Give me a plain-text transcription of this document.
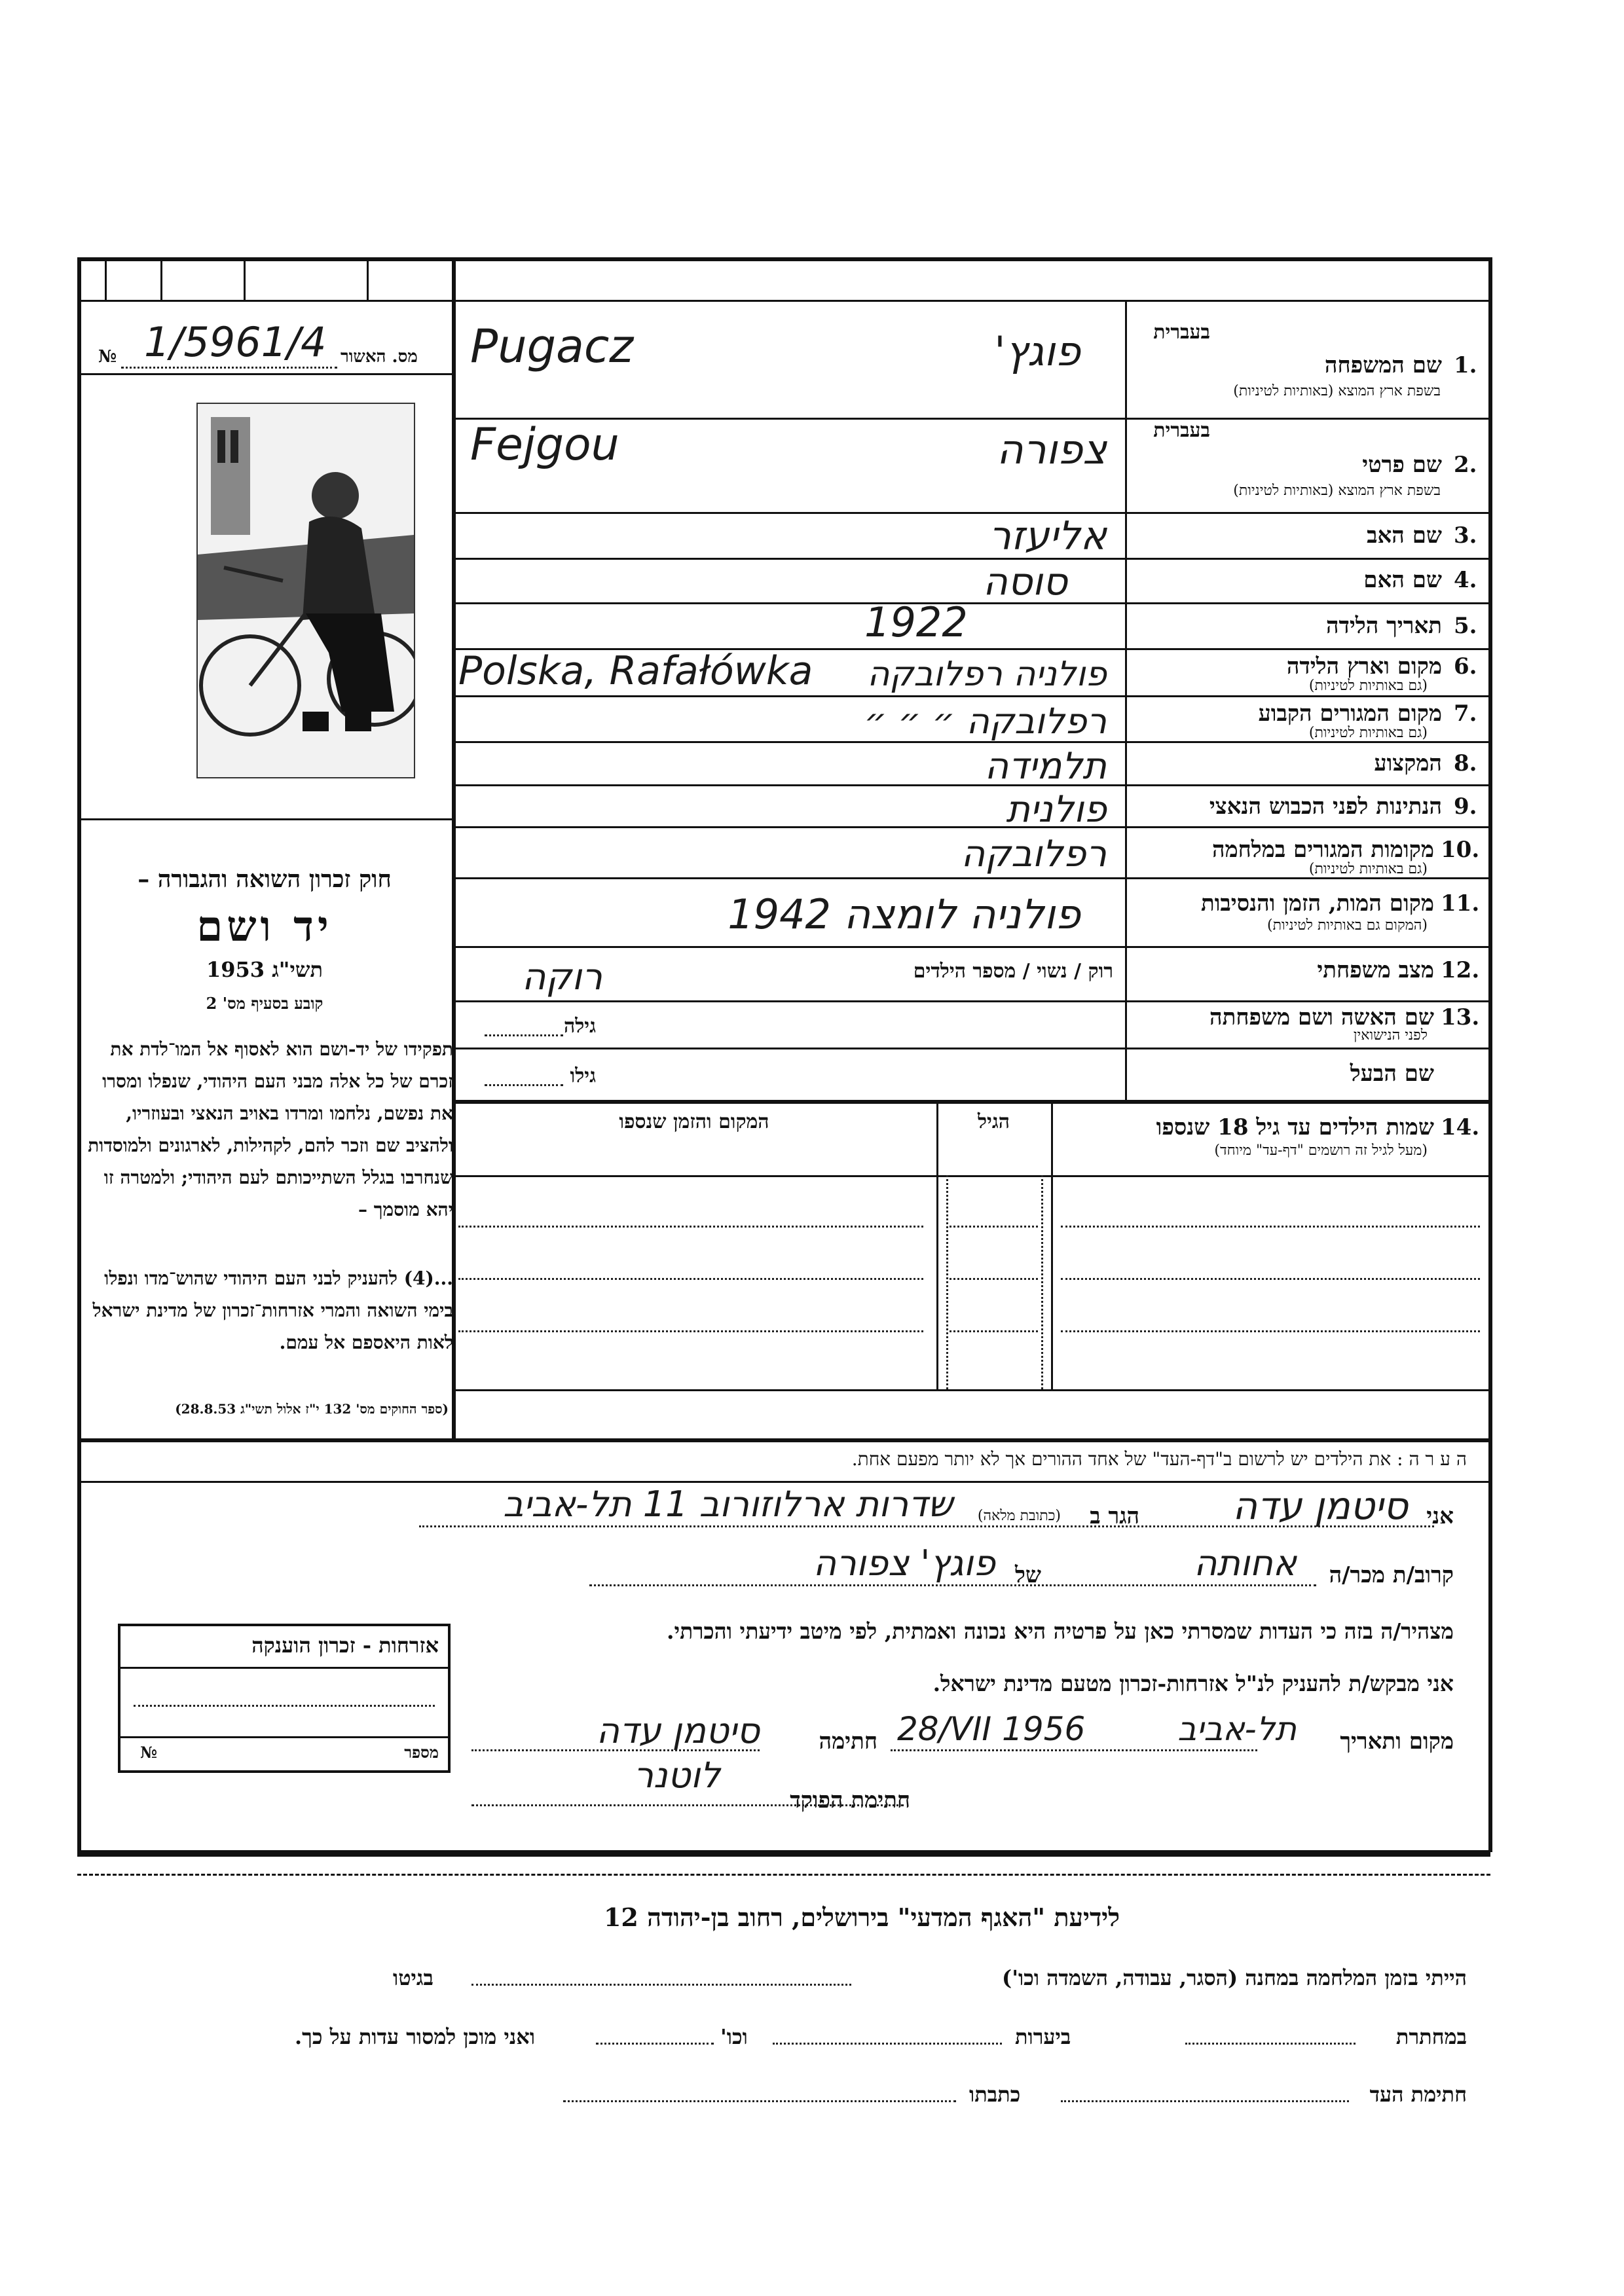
מס. האשור
№ 1/5961/4
חוק זכרון השואה והגבורה –
יד ושם
תשי"ג 1953
קובע בסעיף מס' 2
תפקידו של יד-ושם הוא לאסוף אל המו־לדת את זכרם של כל אלה מבני העם היהודי, שנפלו ומסרו את נפשם, נלחמו ומרדו באויב הנאצי ובעוזריו, ולהציב שם וזכר להם, לקהילות, לארגונים ולמוסדות שנחרבו בגלל השתייכותם לעם היהודי; ולמטרה זו יהא מוסמך –
...(4) להעניק לבני העם היהודי שהוש־מדו ונפלו בימי השואה והמרי אזרחות־זכרון של מדינת ישראל לאות היאספם אל עמם.
(ספר החוקים מס' 132 י"ז אלול תשי"ג 28.8.53)
בעברית
1.
שם המשפחה
בשפת ארץ המוצא (באותיות לטיניות)
בעברית
2.
שם פרטי
בשפת ארץ המוצא (באותיות לטיניות)
3.
שם האב
4.
שם האם
5.
תאריך הלידה
6.
מקום וארץ הלידה
(גם באותיות לטיניות)
7.
מקום המגורים הקבוע
(גם באותיות לטיניות)
8.
המקצוע
9.
הנתינות לפני הכבוש הנאצי
10.
מקומות המגורים במלחמה
(גם באותיות לטיניות)
11.
מקום המות, הזמן והנסיבות
(המקום גם באותיות לטיניות)
12.
מצב משפחתי
רוק / נשוי / מספר הילדים
13.
שם האשה ושם משפחתה
לפני הנישואין
גילה
שם הבעל
גילו
14.
שמות הילדים עד גיל 18 שנספו
(מעל לגיל זה רושמים "דף-עד" מיוחד)
הגיל
המקום והזמן שנספו
ה ע ר ה : את הילדים יש לרשום ב"דף-העד" של אחד ההורים אך לא יותר מפעם אחת.
Pugacz	פוגץ'
Fejgou	צפורה
אליעזר
סוסה
1922
Polska, Rafałówka פולניה רפלובקה
רפלובקה ״ ״ ״
תלמידה
פולנית
רפלובקה
פולניה לומצה 1942
רוקה
אני
סיטמן עדה
הגר ב
(כתובת מלאה)
שדרות ארלוזורוב 11 תל-אביב
קרוב/ת מכר/ה
אחותה
של
פוגץ' צפורה
מצהיר/ה בזה כי העדות שמסרתי כאן על פרטיה היא נכונה ואמתית, לפי מיטב ידיעתי והכרתי.
אני מבקש/ת להעניק לנ"ל אזרחות-זכרון מטעם מדינת ישראל.
מקום ותאריך
תל-אביב
28/VII 1956
חתימה
סיטמן עדה
חתימת הפוקד
לוטנר
אזרחות - זכרון הוענקה
מספר
№
לידיעת "האגף המדעי" בירושלים, רחוב בן-יהודה 12
הייתי בזמן המלחמה במחנה (הסגר, עבודה, השמדה וכו')
בגיטו
במחתרת
ביערות
וכו'
ואני מוכן למסור עדות על כך.
חתימת העד
כתבתו
